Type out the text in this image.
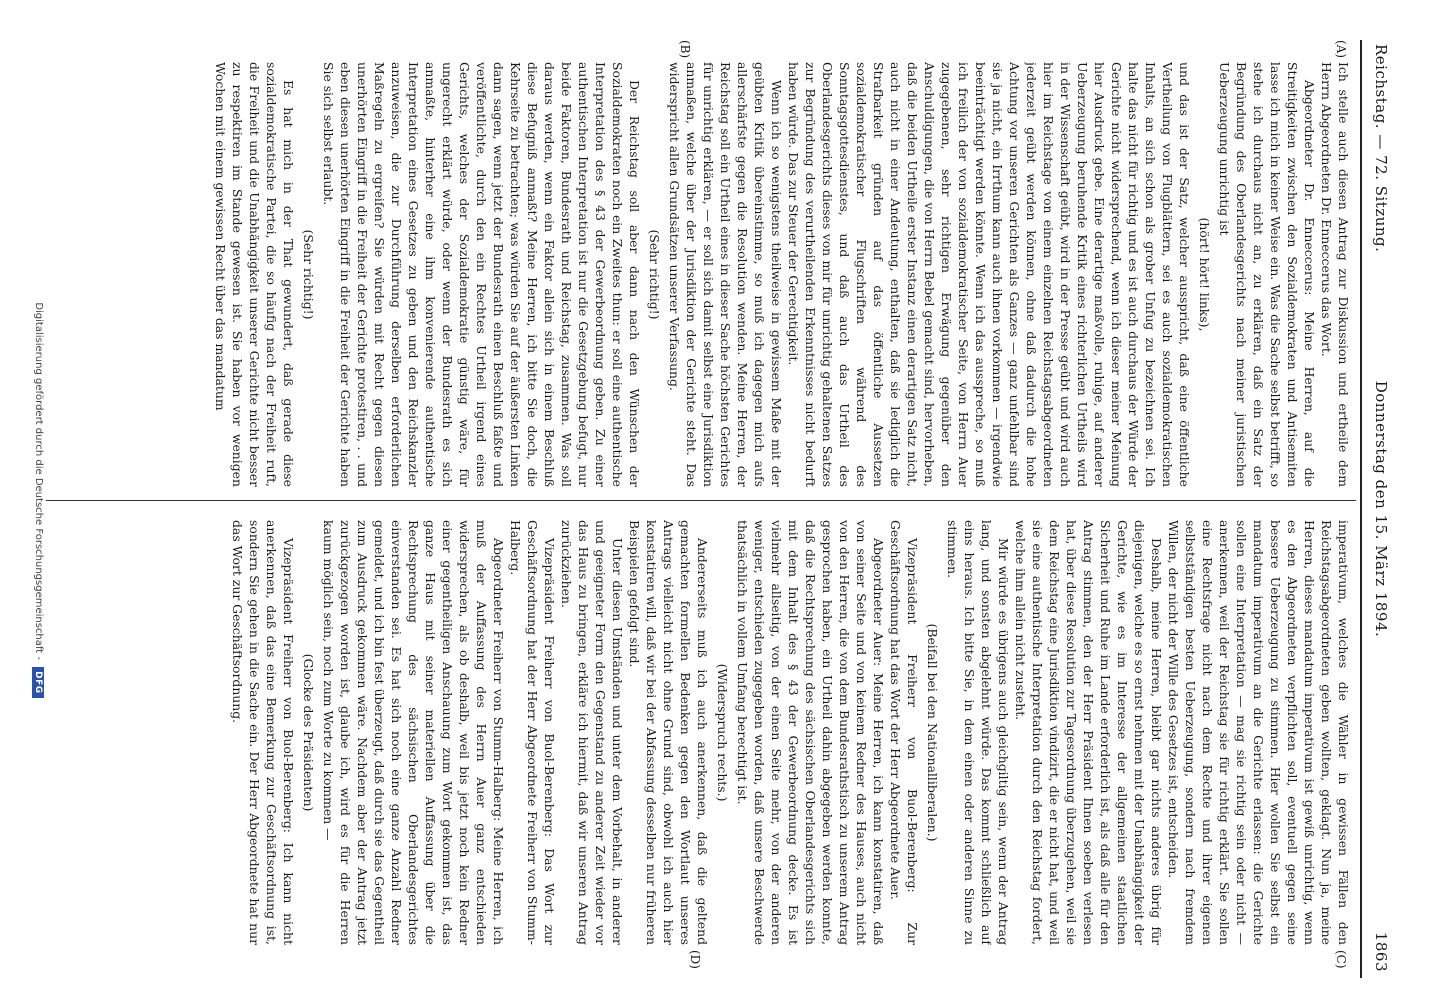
Reichstag. — 72. Sitzung.
Donnerstag den 15. März 1894.
1863
(A)
(B)
(C)
(D)

Ich stelle auch diesen Antrag zur Diskussion und ertheile dem Herrn Abgeordneten Dr. Enneccerus das Wort.

Abgeordneter Dr. Enneccerus: Meine Herren, auf die Streitigkeiten zwischen den Sozialdemokraten und Antisemiten lasse ich mich in keiner Weise ein. Was die Sache selbst betrifft, so stehe ich durchaus nicht an, zu erklären, daß ein Satz der Begründung des Oberlandesgerichts nach meiner juristischen Ueberzeugung unrichtig ist

(hört! hört! links),

und das ist der Satz, welcher ausspricht, daß eine öffentliche Vertheilung von Flugblättern, sei es auch sozialdemokratischen Inhalts, an sich schon als grober Unfug zu bezeichnen sei. Ich halte das nicht für richtig und es ist auch durchaus der Würde der Gerichte nicht widersprechend, wenn ich dieser meiner Meinung hier Ausdruck gebe. Eine derartige maßvolle, ruhige, auf anderer Ueberzeugung beruhende Kritik eines richterlichen Urtheils wird in der Wissenschaft geübt, wird in der Presse geübt und wird auch hier im Reichstage von einem einzelnen Reichstagsabgeordneten jederzeit geübt werden können, ohne daß dadurch die hohe Achtung vor unseren Gerichten als Ganzes — ganz unfehlbar sind sie ja nicht, ein Irrthum kann auch ihnen vorkommen — irgendwie beeinträchtigt werden könnte. Wenn ich das ausspreche, so muß ich freilich der von sozialdemokratischer Seite, von Herrn Auer zugegebenen, sehr richtigen Erwägung gegenüber den Anschuldigungen, die von Herrn Bebel gemacht sind, hervorheben, daß die beiden Urtheile erster Instanz einen derartigen Satz nicht, auch nicht in einer Andeutung, enthalten, daß sie lediglich die Strafbarkeit gründen auf das öffentliche Aussetzen sozialdemokratischer Flugschriften während des Sonntagsgottesdienstes, und daß auch das Urtheil des Oberlandesgerichts dieses von mir für unrichtig gehaltenen Satzes zur Begründung des verurtheilenden Erkenntnisses nicht bedurft haben würde. Das zur Steuer der Gerechtigkeit.

Wenn ich so wenigstens theilweise in gewissem Maße mit der geübten Kritik übereinstimme, so muß ich dagegen mich aufs allerschärfste gegen die Resolution wenden. Meine Herren, der Reichstag soll ein Urtheil eines in dieser Sache höchsten Gerichtes für unrichtig erklären, — er soll sich damit selbst eine Jurisdiktion anmaßen, welche über der Jurisdiktion der Gerichte steht. Das widerspricht allen Grundsätzen unserer Verfassung.

(Sehr richtig!)

Der Reichstag soll aber dann nach den Wünschen der Sozialdemokraten noch ein Zweites thun: er soll eine authentische Interpretation des § 43 der Gewerbeordnung geben. Zu einer authentischen Interpretation ist nur die Gesetzgebung befugt, nur beide Faktoren, Bundesrath und Reichstag, zusammen. Was soll daraus werden, wenn ein Faktor allein sich in einem Beschluß diese Befugniß anmaßt? Meine Herren, ich bitte Sie doch, die Kehrseite zu betrachten; was würden Sie auf der äußersten Linken dann sagen, wenn jetzt der Bundesrath einen Beschluß faßte und veröffentlichte, durch den ein Rechtes Urtheil irgend eines Gerichts, welches der Sozialdemokratie günstig wäre, für ungerecht erklärt würde, oder wenn der Bundesrath es sich anmaßte, hinterher eine ihm konvenierende authentische Interpretation eines Gesetzes zu geben und den Reichskanzler anzuweisen, die zur Durchführung derselben erforderlichen Maßregeln zu ergreifen? Sie würden mit Recht gegen diesen unerhörten Eingriff in die Freiheit der Gerichte protestiren, . . und eben diesen unerhörten Eingriff in die Freiheit der Gerichte haben Sie sich selbst erlaubt.

(Sehr richtig!)

Es hat mich in der That gewundert, daß gerade diese sozialdemokratische Partei, die so häufig nach der Freiheit ruft, die Freiheit und die Unabhängigkeit unserer Gerichte nicht besser zu respektiren im Stande gewesen ist. Sie haben vor wenigen Wochen mit einem gewissen Recht über das mandatum

imperativum, welches die Wähler in gewissen Fällen den Reichstagsabgeordneten geben wollten, geklagt. Nun ja, meine Herren, dieses mandatum imperativum ist gewiß unrichtig, wenn es den Abgeordneten verpflichten soll, eventuell gegen seine bessere Ueberzeugung zu stimmen. Hier wollen Sie selbst ein mandatum imperativum an die Gerichte erlassen: die Gerichte sollen eine Interpretation — mag sie richtig sein oder nicht — anerkennen, weil der Reichstag sie für richtig erklärt. Sie sollen eine Rechtsfrage nicht nach dem Rechte und ihrer eigenen selbstständigen besten Ueberzeugung, sondern nach fremdem Willen, der nicht der Wille des Gesetzes ist, entscheiden.

Deshalb, meine Herren, bleibt gar nichts anderes übrig für diejenigen, welche es so ernst nehmen mit der Unabhängigkeit der Gerichte, wie es im Interesse der allgemeinen staatlichen Sicherheit und Ruhe im Lande erforderlich ist, als daß alle für den Antrag stimmen, den der Herr Präsident Ihnen soeben verlesen hat, über diese Resolution zur Tagesordnung überzugehen, weil sie dem Reichstag eine Jurisdiktion vindizirt, die er nicht hat, und weil sie eine authentische Interpretation durch den Reichstag fordert, welche ihm allein nicht zusteht.

Mir würde es übrigens auch gleichgiltig sein, wenn der Antrag lang, und sonsten abgelehnt würde. Das kommt schließlich auf eins heraus. Ich bitte Sie, in dem einen oder anderen Sinne zu stimmen.

(Beifall bei den Nationalliberalen.)

Vizepräsident Freiherr von Buol-Berenberg: Zur Geschäftsordnung hat das Wort der Herr Abgeordnete Auer.

Abgeordneter Auer: Meine Herren, ich kann konstatiren, daß von seiner Seite und von keinem Redner des Hauses, auch nicht von den Herren, die von dem Bundesrathstisch zu unserem Antrag gesprochen haben, ein Urtheil dahin abgegeben werden konnte, daß die Rechtsprechung des sächsischen Oberlandesgerichts sich mit dem Inhalt des § 43 der Gewerbeordnung decke. Es ist vielmehr allseitig, von der einen Seite mehr, von der anderen weniger, entschieden zugegeben worden, daß unsere Beschwerde thatsächlich in vollem Umfang berechtigt ist.

(Widerspruch rechts.)

Andererseits muß ich auch anerkennen, daß die geltend gemachten formellen Bedenken gegen den Wortlaut unseres Antrags vielleicht nicht ohne Grund sind, obwohl ich auch hier konstatiren will, daß wir bei der Abfassung desselben nur früheren Beispielen gefolgt sind.

Unter diesen Umständen und unter dem Vorbehalt, in anderer und geeigneter Form den Gegenstand zu anderer Zeit wieder vor das Haus zu bringen, erkläre ich hiermit, daß wir unseren Antrag zurückziehen.

Vizepräsident Freiherr von Buol-Berenberg: Das Wort zur Geschäftsordnung hat der Herr Abgeordnete Freiherr von Stumm-Halberg.

Abgeordneter Freiherr von Stumm-Halberg: Meine Herren, ich muß der Auffassung des Herrn Auer ganz entschieden widersprechen, als ob deshalb, weil bis jetzt noch kein Redner einer gegentheiligen Anschauung zum Wort gekommen ist, das ganze Haus mit seiner materiellen Auffassung über die Rechtsprechung des sächsischen Oberlandesgerichtes einverstanden sei. Es hat sich noch eine ganze Anzahl Redner gemeldet, und ich bin fest überzeugt, daß durch sie das Gegentheil zum Ausdruck gekommen wäre. Nachdem aber der Antrag jetzt zurückgezogen worden ist, glaube ich, wird es für die Herren kaum möglich sein, noch zum Worte zu kommen —

(Glocke des Präsidenten)

Vizepräsident Freiherr von Buol-Berenberg: Ich kann nicht anerkennen, daß das eine Bemerkung zur Geschäftsordnung ist, sondern Sie gehen in die Sache ein. Der Herr Abgeordnete hat nur das Wort zur Geschäftsordnung.

Digitalisierung gefördert durch die Deutsche Forschungsgemeinschaft - DFG
